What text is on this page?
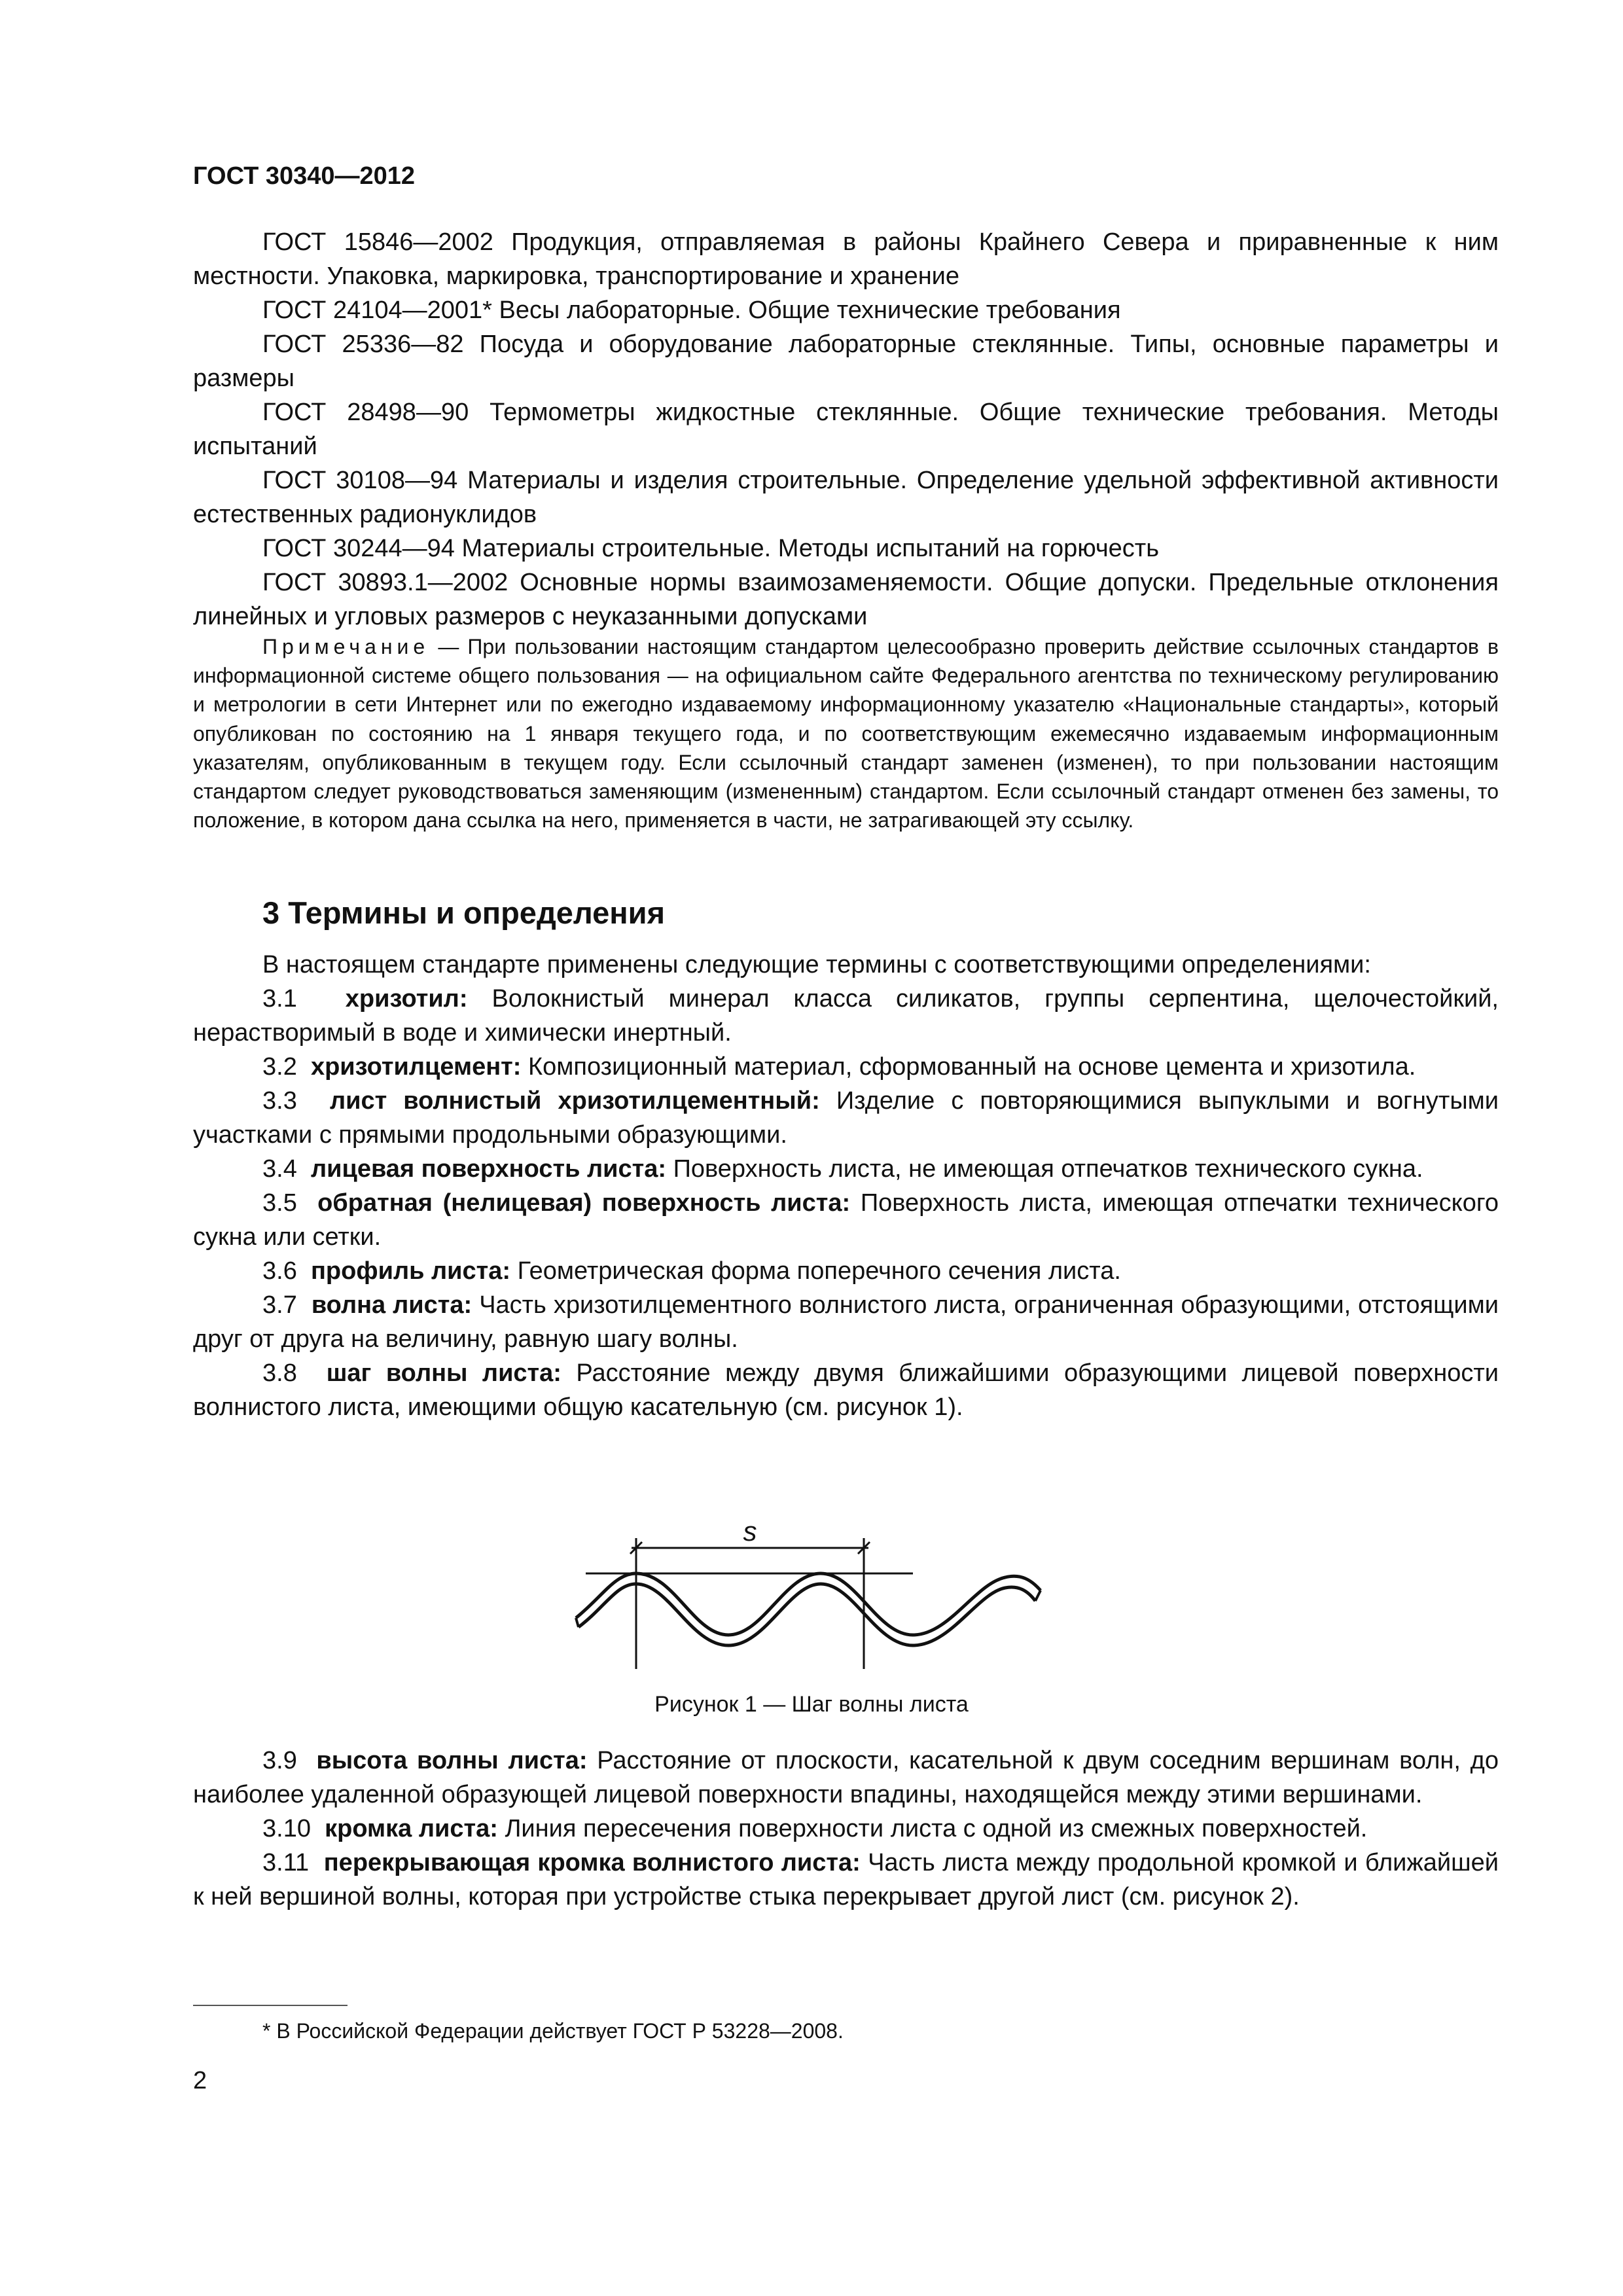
ГОСТ 30340—2012

ГОСТ 15846—2002 Продукция, отправляемая в районы Крайнего Севера и приравненные к ним местности. Упаковка, маркировка, транспортирование и хранение

ГОСТ 24104—2001* Весы лабораторные. Общие технические требования

ГОСТ 25336—82 Посуда и оборудование лабораторные стеклянные. Типы, основные параметры и размеры

ГОСТ 28498—90 Термометры жидкостные стеклянные. Общие технические требования. Методы испытаний

ГОСТ 30108—94 Материалы и изделия строительные. Определение удельной эффективной активности естественных радионуклидов

ГОСТ 30244—94 Материалы строительные. Методы испытаний на горючесть

ГОСТ 30893.1—2002 Основные нормы взаимозаменяемости. Общие допуски. Предельные отклонения линейных и угловых размеров с неуказанными допусками

Примечание — При пользовании настоящим стандартом целесообразно проверить действие ссылочных стандартов в информационной системе общего пользования — на официальном сайте Федерального агентства по техническому регулированию и метрологии в сети Интернет или по ежегодно издаваемому информационному указателю «Национальные стандарты», который опубликован по состоянию на 1 января текущего года, и по соответствующим ежемесячно издаваемым информационным указателям, опубликованным в текущем году. Если ссылочный стандарт заменен (изменен), то при пользовании настоящим стандартом следует руководствоваться заменяющим (измененным) стандартом. Если ссылочный стандарт отменен без замены, то положение, в котором дана ссылка на него, применяется в части, не затрагивающей эту ссылку.

3 Термины и определения

В настоящем стандарте применены следующие термины с соответствующими определениями:

3.1 хризотил: Волокнистый минерал класса силикатов, группы серпентина, щелочестойкий, нерастворимый в воде и химически инертный.

3.2 хризотилцемент: Композиционный материал, сформованный на основе цемента и хризотила.

3.3 лист волнистый хризотилцементный: Изделие с повторяющимися выпуклыми и вогнутыми участками с прямыми продольными образующими.

3.4 лицевая поверхность листа: Поверхность листа, не имеющая отпечатков технического сукна.

3.5 обратная (нелицевая) поверхность листа: Поверхность листа, имеющая отпечатки технического сукна или сетки.

3.6 профиль листа: Геометрическая форма поперечного сечения листа.

3.7 волна листа: Часть хризотилцементного волнистого листа, ограниченная образующими, отстоящими друг от друга на величину, равную шагу волны.

3.8 шаг волны листа: Расстояние между двумя ближайшими образующими лицевой поверхности волнистого листа, имеющими общую касательную (см. рисунок 1).

s
Рисунок 1 — Шаг волны листа

3.9 высота волны листа: Расстояние от плоскости, касательной к двум соседним вершинам волн, до наиболее удаленной образующей лицевой поверхности впадины, находящейся между этими вершинами.

3.10 кромка листа: Линия пересечения поверхности листа с одной из смежных поверхностей.

3.11 перекрывающая кромка волнистого листа: Часть листа между продольной кромкой и ближайшей к ней вершиной волны, которая при устройстве стыка перекрывает другой лист (см. рисунок 2).

* В Российской Федерации действует ГОСТ Р 53228—2008.
2
